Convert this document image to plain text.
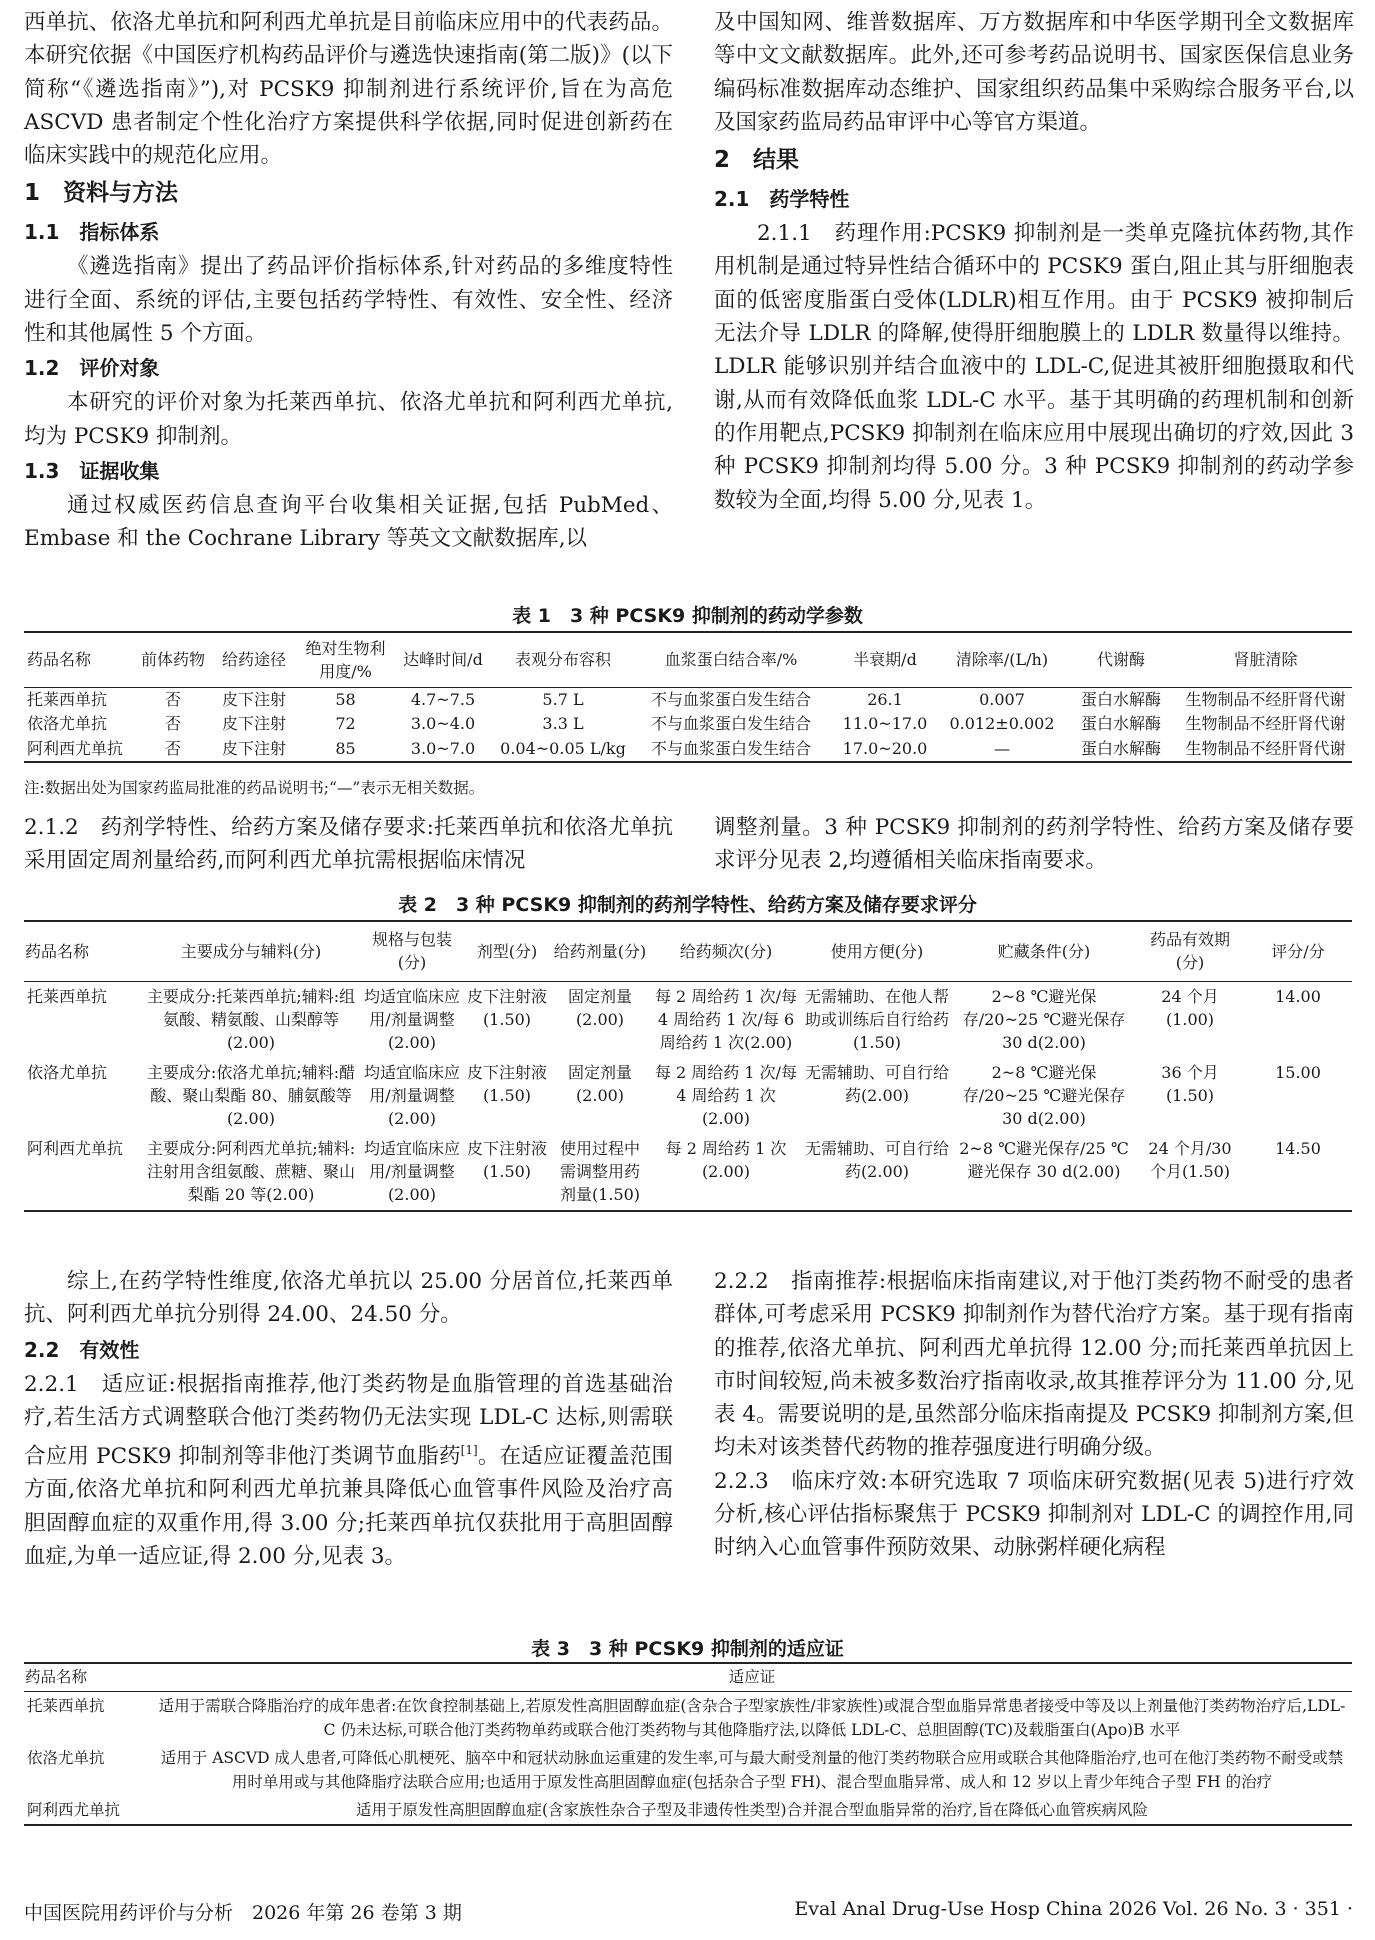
西单抗、依洛尤单抗和阿利西尤单抗是目前临床应用中的代表药品。本研究依据《中国医疗机构药品评价与遴选快速指南(第二版)》(以下简称“《遴选指南》”),对 PCSK9 抑制剂进行系统评价,旨在为高危 ASCVD 患者制定个性化治疗方案提供科学依据,同时促进创新药在临床实践中的规范化应用。

1　资料与方法
1.1　指标体系

《遴选指南》提出了药品评价指标体系,针对药品的多维度特性进行全面、系统的评估,主要包括药学特性、有效性、安全性、经济性和其他属性 5 个方面。

1.2　评价对象

本研究的评价对象为托莱西单抗、依洛尤单抗和阿利西尤单抗,均为 PCSK9 抑制剂。

1.3　证据收集

通过权威医药信息查询平台收集相关证据,包括 PubMed、Embase 和 the Cochrane Library 等英文文献数据库,以

及中国知网、维普数据库、万方数据库和中华医学期刊全文数据库等中文文献数据库。此外,还可参考药品说明书、国家医保信息业务编码标准数据库动态维护、国家组织药品集中采购综合服务平台,以及国家药监局药品审评中心等官方渠道。

2　结果
2.1　药学特性

2.1.1　药理作用:PCSK9 抑制剂是一类单克隆抗体药物,其作用机制是通过特异性结合循环中的 PCSK9 蛋白,阻止其与肝细胞表面的低密度脂蛋白受体(LDLR)相互作用。由于 PCSK9 被抑制后无法介导 LDLR 的降解,使得肝细胞膜上的 LDLR 数量得以维持。LDLR 能够识别并结合血液中的 LDL-C,促进其被肝细胞摄取和代谢,从而有效降低血浆 LDL-C 水平。基于其明确的药理机制和创新的作用靶点,PCSK9 抑制剂在临床应用中展现出确切的疗效,因此 3 种 PCSK9 抑制剂均得 5.00 分。3 种 PCSK9 抑制剂的药动学参数较为全面,均得 5.00 分,见表 1。

表 1　3 种 PCSK9 抑制剂的药动学参数
药品名称	前体药物	给药途径	绝对生物利用度/%	达峰时间/d	表观分布容积	血浆蛋白结合率/%	半衰期/d	清除率/(L/h)	代谢酶	肾脏清除
托莱西单抗	否	皮下注射	58	4.7~7.5	5.7 L	不与血浆蛋白发生结合	26.1	0.007	蛋白水解酶	生物制品不经肝肾代谢
依洛尤单抗	否	皮下注射	72	3.0~4.0	3.3 L	不与血浆蛋白发生结合	11.0~17.0	0.012±0.002	蛋白水解酶	生物制品不经肝肾代谢
阿利西尤单抗	否	皮下注射	85	3.0~7.0	0.04~0.05 L/kg	不与血浆蛋白发生结合	17.0~20.0	—	蛋白水解酶	生物制品不经肝肾代谢
注:数据出处为国家药监局批准的药品说明书;“—”表示无相关数据。

2.1.2　药剂学特性、给药方案及储存要求:托莱西单抗和依洛尤单抗采用固定周剂量给药,而阿利西尤单抗需根据临床情况

调整剂量。3 种 PCSK9 抑制剂的药剂学特性、给药方案及储存要求评分见表 2,均遵循相关临床指南要求。

表 2　3 种 PCSK9 抑制剂的药剂学特性、给药方案及储存要求评分
药品名称	主要成分与辅料(分)	规格与包装(分)	剂型(分)	给药剂量(分)	给药频次(分)	使用方便(分)	贮藏条件(分)	药品有效期(分)	评分/分
托莱西单抗	主要成分:托莱西单抗;辅料:组氨酸、精氨酸、山梨醇等(2.00)	均适宜临床应用/剂量调整(2.00)	皮下注射液(1.50)	固定剂量(2.00)	每 2 周给药 1 次/每 4 周给药 1 次/每 6 周给药 1 次(2.00)	无需辅助、在他人帮助或训练后自行给药(1.50)	2~8 ℃避光保存/20~25 ℃避光保存 30 d(2.00)	24 个月(1.00)	14.00
依洛尤单抗	主要成分:依洛尤单抗;辅料:醋酸、聚山梨酯 80、脯氨酸等(2.00)	均适宜临床应用/剂量调整(2.00)	皮下注射液(1.50)	固定剂量(2.00)	每 2 周给药 1 次/每 4 周给药 1 次(2.00)	无需辅助、可自行给药(2.00)	2~8 ℃避光保存/20~25 ℃避光保存 30 d(2.00)	36 个月(1.50)	15.00
阿利西尤单抗	主要成分:阿利西尤单抗;辅料:注射用含组氨酸、蔗糖、聚山梨酯 20 等(2.00)	均适宜临床应用/剂量调整(2.00)	皮下注射液(1.50)	使用过程中需调整用药剂量(1.50)	每 2 周给药 1 次(2.00)	无需辅助、可自行给药(2.00)	2~8 ℃避光保存/25 ℃避光保存 30 d(2.00)	24 个月/30 个月(1.50)	14.50

综上,在药学特性维度,依洛尤单抗以 25.00 分居首位,托莱西单抗、阿利西尤单抗分别得 24.00、24.50 分。

2.2　有效性

2.2.1　适应证:根据指南推荐,他汀类药物是血脂管理的首选基础治疗,若生活方式调整联合他汀类药物仍无法实现 LDL-C 达标,则需联合应用 PCSK9 抑制剂等非他汀类调节血脂药[1]。在适应证覆盖范围方面,依洛尤单抗和阿利西尤单抗兼具降低心血管事件风险及治疗高胆固醇血症的双重作用,得 3.00 分;托莱西单抗仅获批用于高胆固醇血症,为单一适应证,得 2.00 分,见表 3。

2.2.2　指南推荐:根据临床指南建议,对于他汀类药物不耐受的患者群体,可考虑采用 PCSK9 抑制剂作为替代治疗方案。基于现有指南的推荐,依洛尤单抗、阿利西尤单抗得 12.00 分;而托莱西单抗因上市时间较短,尚未被多数治疗指南收录,故其推荐评分为 11.00 分,见表 4。需要说明的是,虽然部分临床指南提及 PCSK9 抑制剂方案,但均未对该类替代药物的推荐强度进行明确分级。

2.2.3　临床疗效:本研究选取 7 项临床研究数据(见表 5)进行疗效分析,核心评估指标聚焦于 PCSK9 抑制剂对 LDL-C 的调控作用,同时纳入心血管事件预防效果、动脉粥样硬化病程

表 3　3 种 PCSK9 抑制剂的适应证
药品名称	适应证
托莱西单抗	适用于需联合降脂治疗的成年患者:在饮食控制基础上,若原发性高胆固醇血症(含杂合子型家族性/非家族性)或混合型血脂异常患者接受中等及以上剂量他汀类药物治疗后,LDL-C 仍未达标,可联合他汀类药物单药或联合他汀类药物与其他降脂疗法,以降低 LDL-C、总胆固醇(TC)及载脂蛋白(Apo)B 水平
依洛尤单抗	适用于 ASCVD 成人患者,可降低心肌梗死、脑卒中和冠状动脉血运重建的发生率,可与最大耐受剂量的他汀类药物联合应用或联合其他降脂治疗,也可在他汀类药物不耐受或禁用时单用或与其他降脂疗法联合应用;也适用于原发性高胆固醇血症(包括杂合子型 FH)、混合型血脂异常、成人和 12 岁以上青少年纯合子型 FH 的治疗
阿利西尤单抗	适用于原发性高胆固醇血症(含家族性杂合子型及非遗传性类型)合并混合型血脂异常的治疗,旨在降低心血管疾病风险
中国医院用药评价与分析　2026 年第 26 卷第 3 期	Eval Anal Drug-Use Hosp China 2026 Vol. 26 No. 3 · 351 ·
